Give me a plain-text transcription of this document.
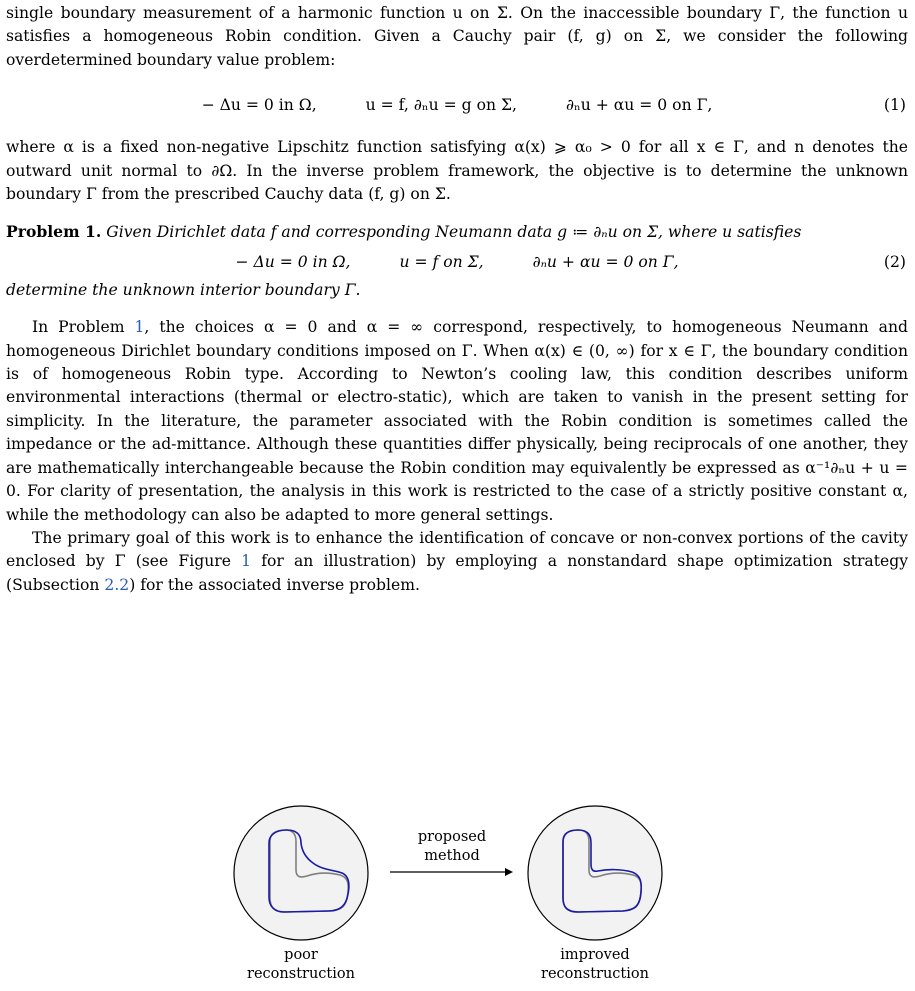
single boundary measurement of a harmonic function u on Σ. On the inaccessible boundary Γ, the function u satisfies a homogeneous Robin condition. Given a Cauchy pair (f, g) on Σ, we consider the following overdetermined boundary value problem:

− Δu = 0 in Ω,	u = f, ∂ₙu = g on Σ,	∂ₙu + αu = 0 on Γ,	(1)

where α is a fixed non-negative Lipschitz function satisfying α(x) ⩾ α₀ > 0 for all x ∈ Γ, and n denotes the outward unit normal to ∂Ω. In the inverse problem framework, the objective is to determine the unknown boundary Γ from the prescribed Cauchy data (f, g) on Σ.

Problem 1. Given Dirichlet data f and corresponding Neumann data g ≔ ∂ₙu on Σ, where u satisfies

− Δu = 0 in Ω,	u = f on Σ,	∂ₙu + αu = 0 on Γ,	(2)

determine the unknown interior boundary Γ.

In Problem 1, the choices α = 0 and α = ∞ correspond, respectively, to homogeneous Neumann and homogeneous Dirichlet boundary conditions imposed on Γ. When α(x) ∈ (0, ∞) for x ∈ Γ, the boundary condition is of homogeneous Robin type. According to Newton’s cooling law, this condition describes uniform environmental interactions (thermal or electro-static), which are taken to vanish in the present setting for simplicity. In the literature, the parameter associated with the Robin condition is sometimes called the impedance or the ad-mittance. Although these quantities differ physically, being reciprocals of one another, they are mathematically interchangeable because the Robin condition may equivalently be expressed as α⁻¹∂ₙu + u = 0. For clarity of presentation, the analysis in this work is restricted to the case of a strictly positive constant α, while the methodology can also be adapted to more general settings.

The primary goal of this work is to enhance the identification of concave or non-convex portions of the cavity enclosed by Γ (see Figure 1 for an illustration) by employing a nonstandard shape optimization strategy (Subsection 2.2) for the associated inverse problem.

proposed
method
poor
reconstruction
improved
reconstruction
